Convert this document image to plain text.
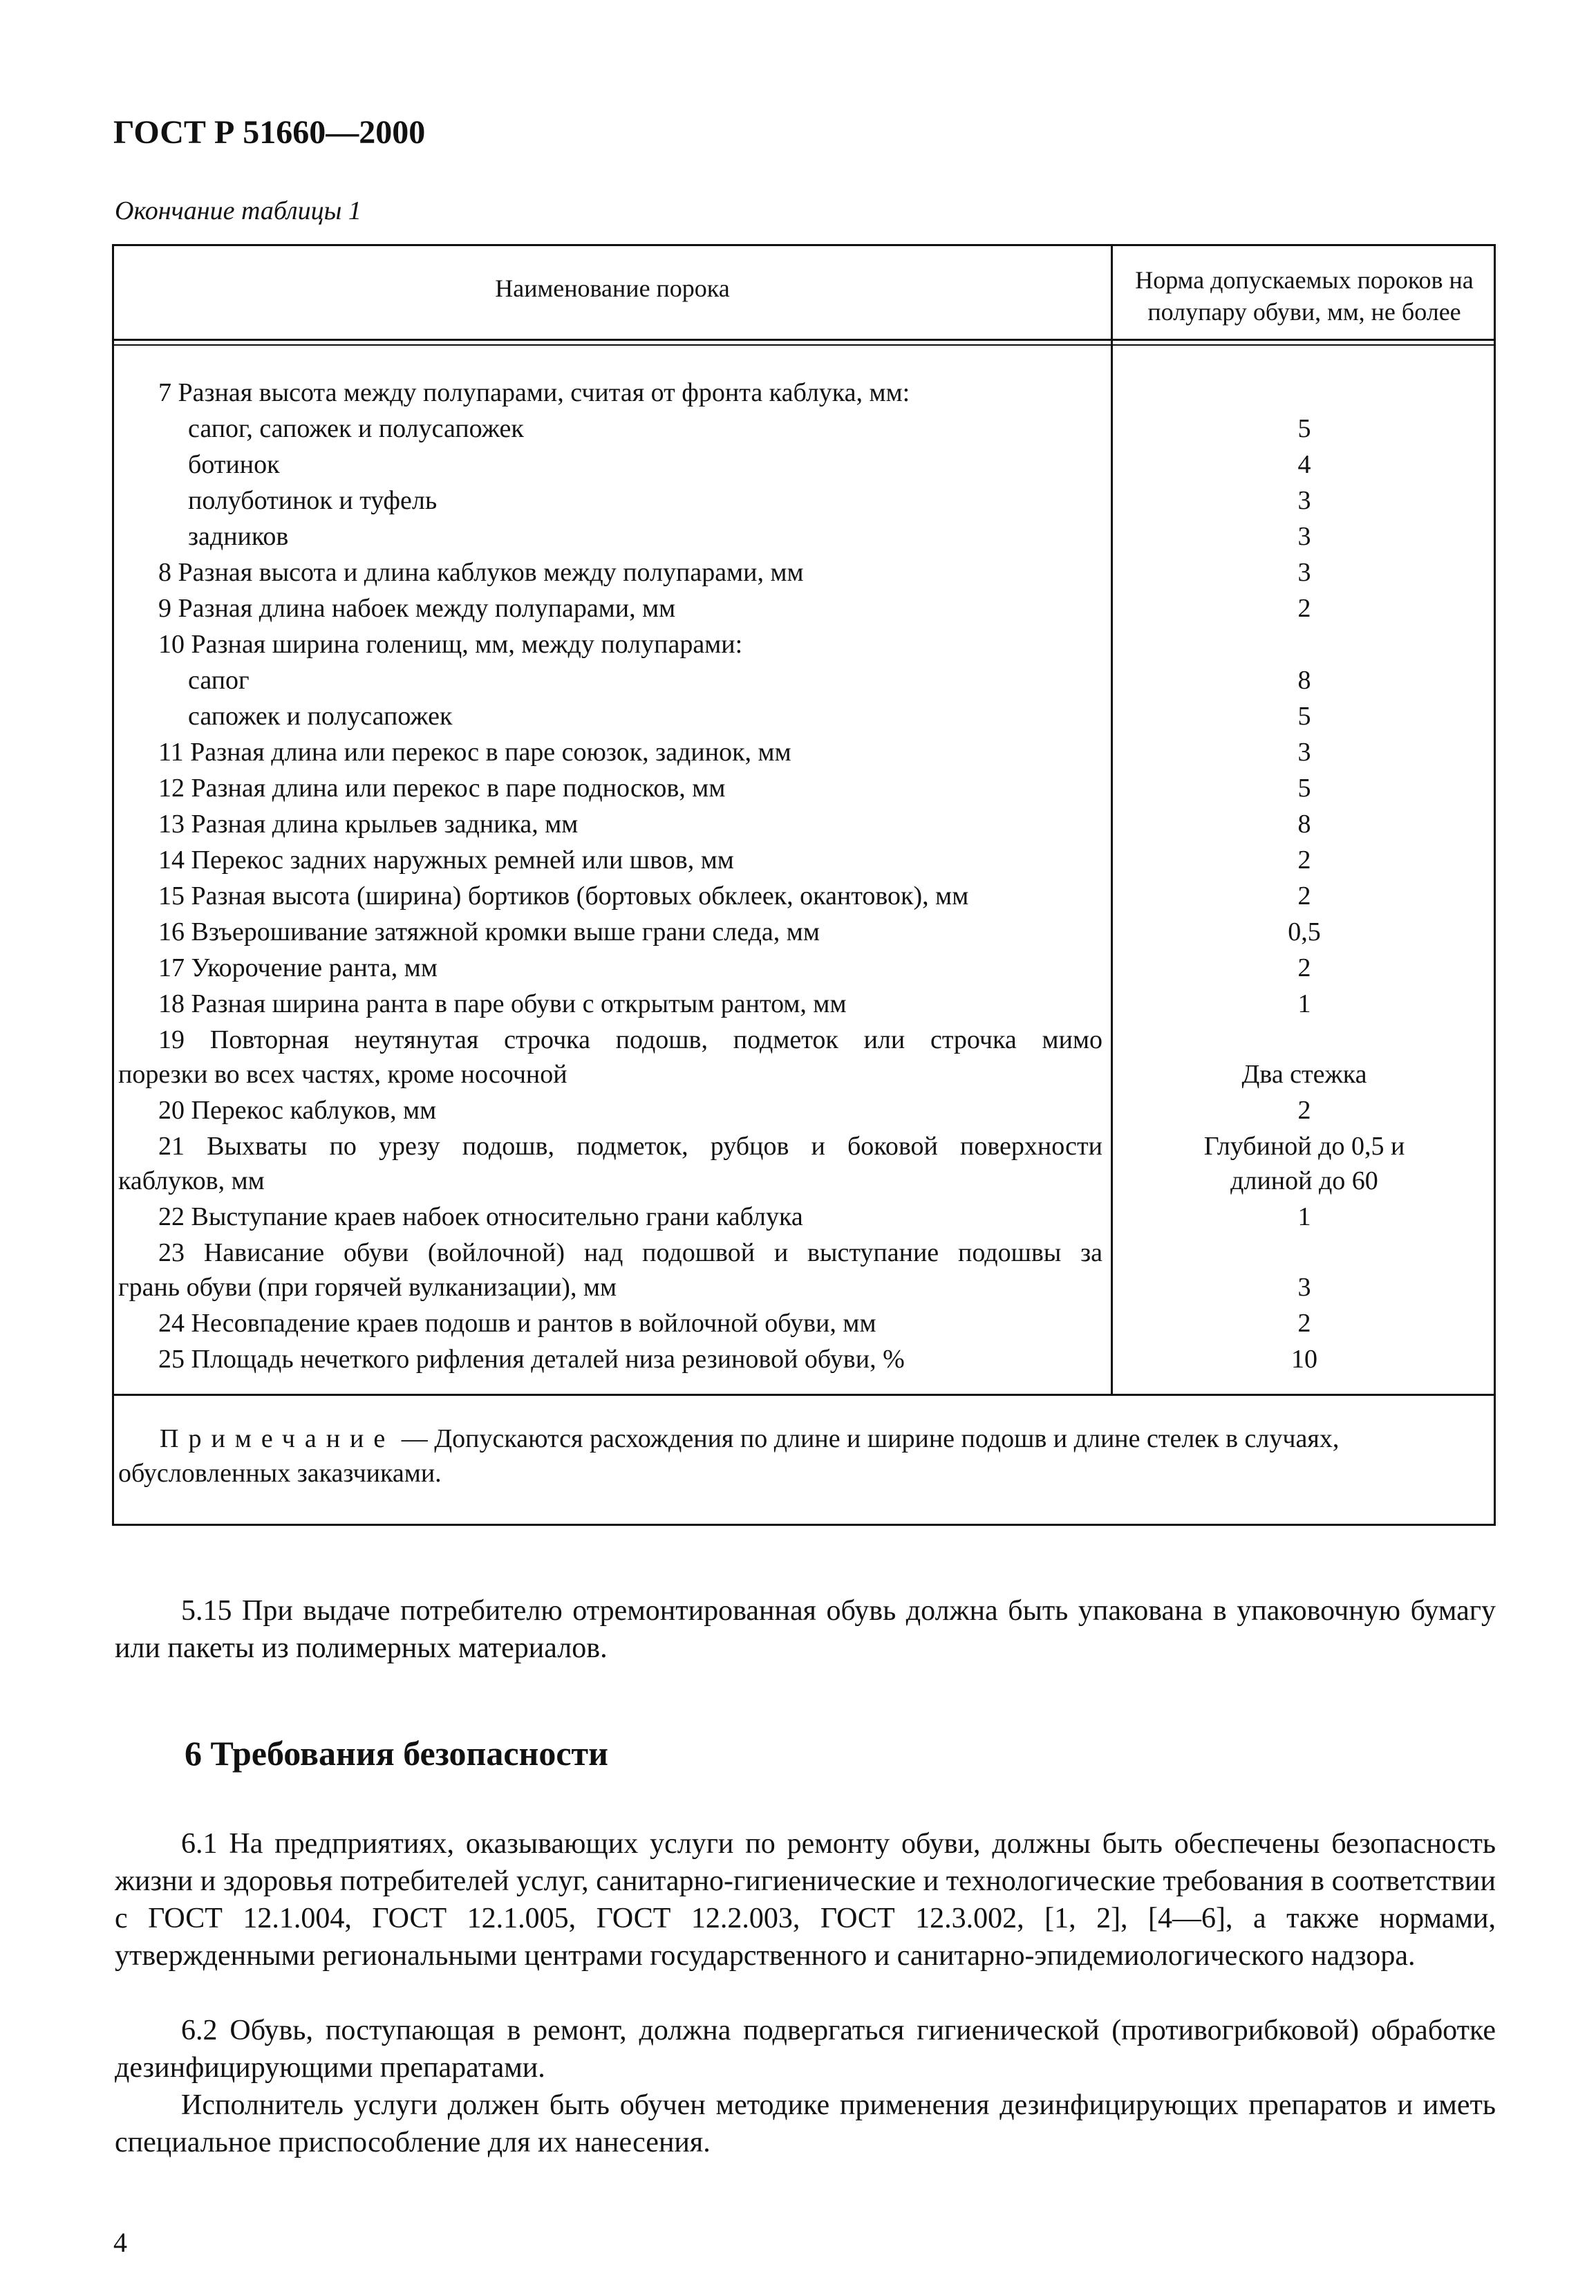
ГОСТ Р 51660—2000
Окончание таблицы 1
Наименование порока	Норма допускаемых пороков на
полупару обуви, мм, не более
7 Разная высота между полупарами, считая от фронта каблука, мм:
сапог, сапожек и полусапожек	5
ботинок	4
полуботинок и туфель	3
задников	3
8 Разная высота и длина каблуков между полупарами, мм	3
9 Разная длина набоек между полупарами, мм	2
10 Разная ширина голенищ, мм, между полупарами:
сапог	8
сапожек и полусапожек	5
11 Разная длина или перекос в паре союзок, задинок, мм	3
12 Разная длина или перекос в паре подносков, мм	5
13 Разная длина крыльев задника, мм	8
14 Перекос задних наружных ремней или швов, мм	2
15 Разная высота (ширина) бортиков (бортовых обклеек, окантовок), мм	2
16 Взъерошивание затяжной кромки выше грани следа, мм	0,5
17 Укорочение ранта, мм	2
18 Разная ширина ранта в паре обуви с открытым рантом, мм	1
19 Повторная неутянутая строчка подошв, подметок или строчка мимо
порезки во всех частях, кроме носочной	Два стежка
20 Перекос каблуков, мм	2
21 Выхваты по урезу подошв, подметок, рубцов и боковой поверхности	Глубиной до 0,5 и
каблуков, мм	длиной до 60
22 Выступание краев набоек относительно грани каблука	1
23 Нависание обуви (войлочной) над подошвой и выступание подошвы за
грань обуви (при горячей вулканизации), мм	3
24 Несовпадение краев подошв и рантов в войлочной обуви, мм	2
25 Площадь нечеткого рифления деталей низа резиновой обуви, %	10
Примечание — Допускаются расхождения по длине и ширине подошв и длине стелек в случаях,
обусловленных заказчиками.
5.15 При выдаче потребителю отремонтированная обувь должна быть упакована в упаковочную бумагу или пакеты из полимерных материалов.
6 Требования безопасности
6.1 На предприятиях, оказывающих услуги по ремонту обуви, должны быть обеспечены безопасность жизни и здоровья потребителей услуг, санитарно-гигиенические и технологические требования в соответствии с ГОСТ 12.1.004, ГОСТ 12.1.005, ГОСТ 12.2.003, ГОСТ 12.3.002, [1, 2], [4—6], а также нормами, утвержденными региональными центрами государственного и санитарно-эпидемиологического надзора.
6.2 Обувь, поступающая в ремонт, должна подвергаться гигиенической (противогрибковой) обработке дезинфицирующими препаратами.
Исполнитель услуги должен быть обучен методике применения дезинфицирующих препаратов и иметь специальное приспособление для их нанесения.
4
